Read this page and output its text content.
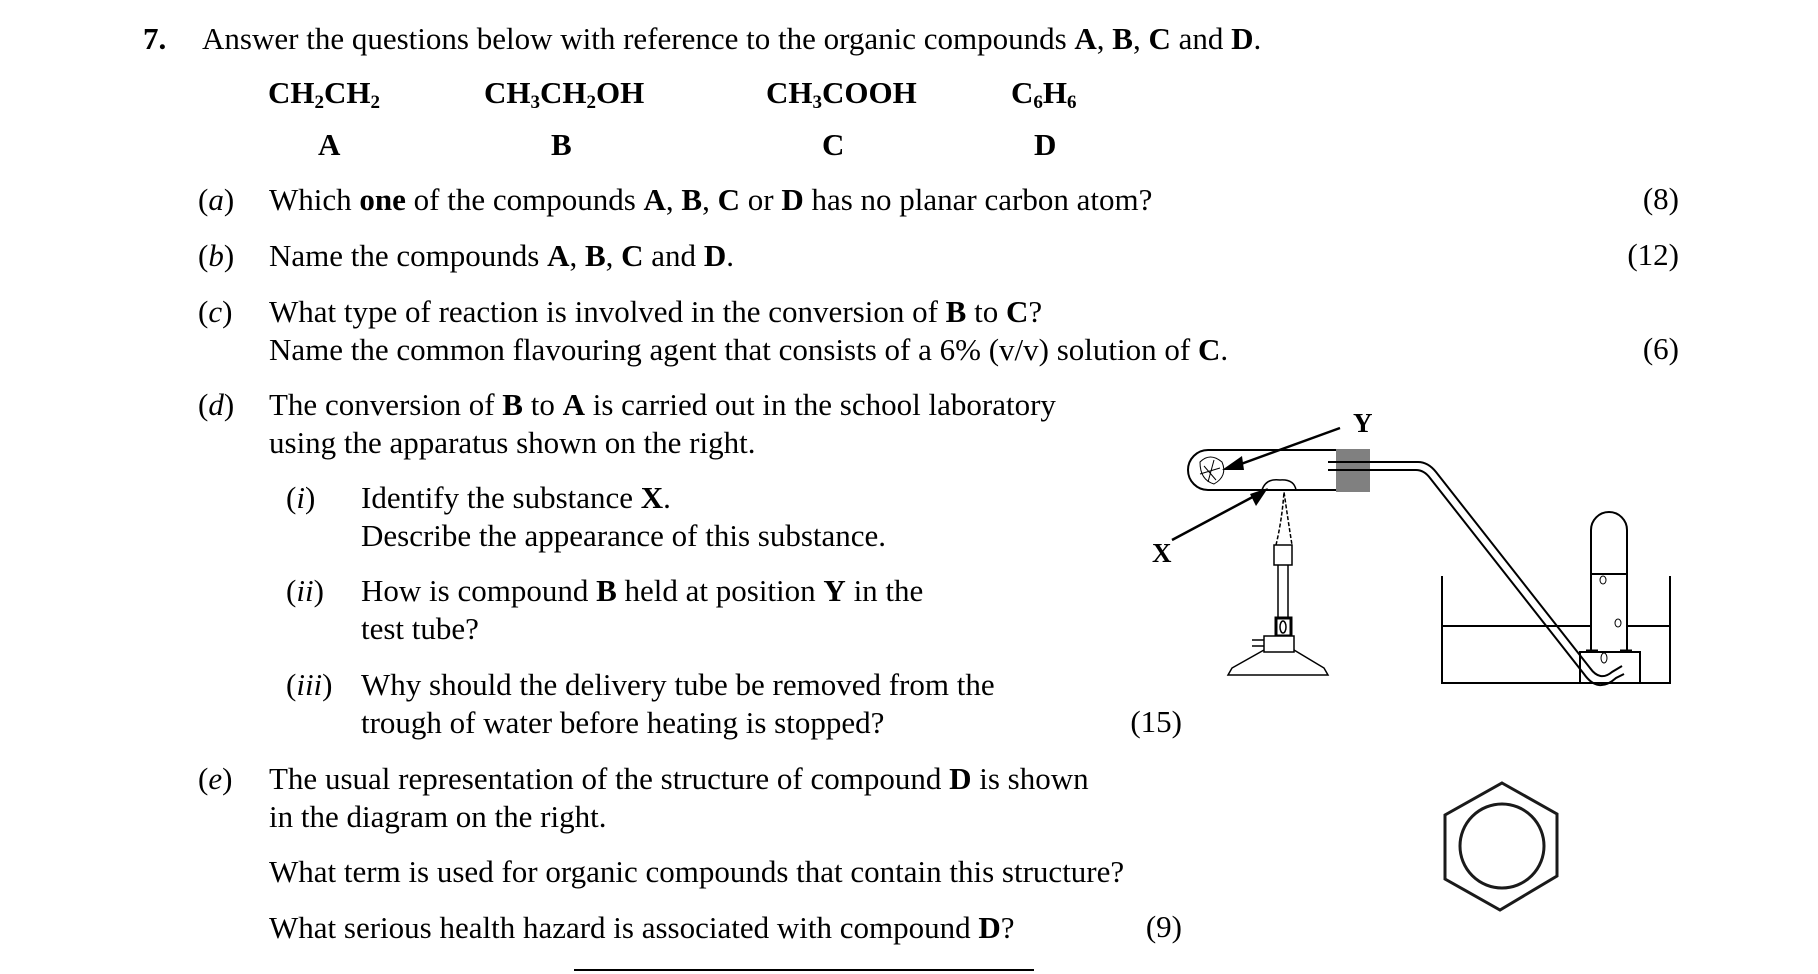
7. Answer the questions below with reference to the organic compounds A, B, C and D.
$CH_2CH_2$	$CH_3CH_2OH$	$CH_3COOH$	$C_6H_6$
A	B	C	D
(a) Which one of the compounds A, B, C or D has no planar carbon atom?	(8)
(b) Name the compounds A, B, C and D.	(12)
(c) What type of reaction is involved in the conversion of B to C?
Name the common flavouring agent that consists of a 6% (v/v) solution of C.	(6)
(d) The conversion of B to A is carried out in the school laboratory
using the apparatus shown on the right.
(i) Identify the substance X.
Describe the appearance of this substance.
(ii) How is compound B held at position Y in the
test tube?
(iii) Why should the delivery tube be removed from the
trough of water before heating is stopped?	(15)
Y
X
(e) The usual representation of the structure of compound D is shown
in the diagram on the right.
What term is used for organic compounds that contain this structure?
What serious health hazard is associated with compound D?	(9)
